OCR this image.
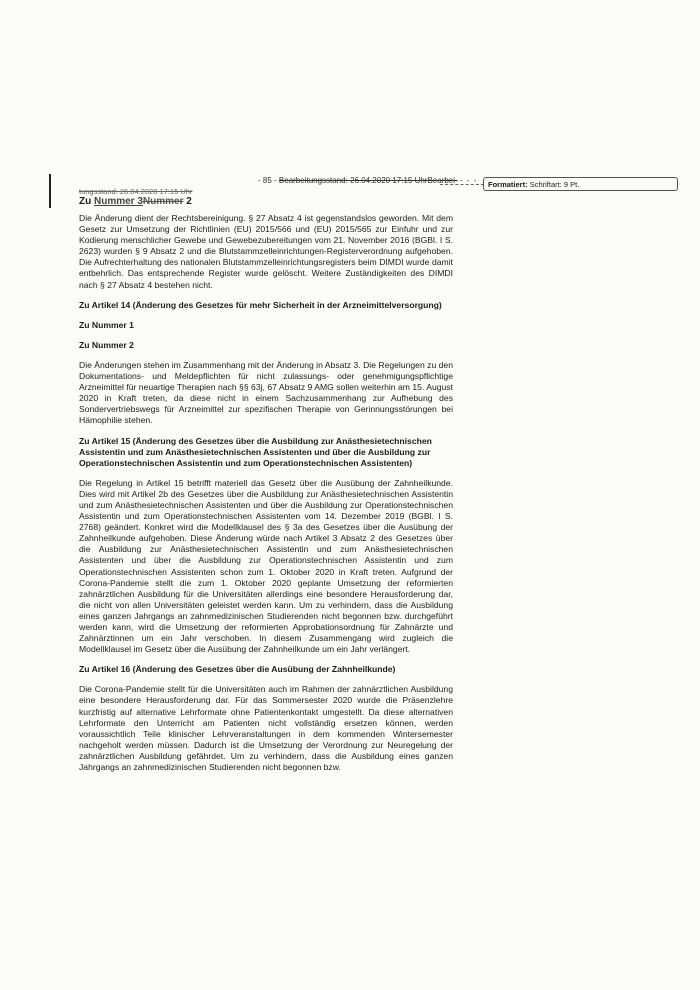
- 85 - Bearbeitungsstand: 26.04.2020 17:15 UhrBearbei- - - -	Formatiert: Schriftart: 9 Pt.
tungsstand: 26.04.2020 17:15 Uhr
Zu Nummer 3Nummer 2

Die Änderung dient der Rechtsbereinigung. § 27 Absatz 4 ist gegenstandslos geworden. Mit dem Gesetz zur Umsetzung der Richtlinien (EU) 2015/566 und (EU) 2015/565 zur Einfuhr und zur Kodierung menschlicher Gewebe und Gewebezubereitungen vom 21. November 2016 (BGBl. I S. 2623) wurden § 9 Absatz 2 und die Blutstammzelleinrichtungen-Registerverordnung aufgehoben. Die Aufrechterhaltung des nationalen Blutstammzelleinrichtungsregisters beim DIMDI wurde damit entbehrlich. Das entsprechende Register wurde gelöscht. Weitere Zuständigkeiten des DIMDI nach § 27 Absatz 4 bestehen nicht.

Zu Artikel 14 (Änderung des Gesetzes für mehr Sicherheit in der Arzneimittelversorgung)
Zu Nummer 1
Zu Nummer 2

Die Änderungen stehen im Zusammenhang mit der Änderung in Absatz 3. Die Regelungen zu den Dokumentations- und Meldepflichten für nicht zulassungs- oder genehmigungspflichtige Arzneimittel für neuartige Therapien nach §§ 63j, 67 Absatz 9 AMG sollen weiterhin am 15. August 2020 in Kraft treten, da diese nicht in einem Sachzusammenhang zur Aufhebung des Sondervertriebswegs für Arzneimittel zur spezifischen Therapie von Gerinnungsstörungen bei Hämophilie stehen.

Zu Artikel 15 (Änderung des Gesetzes über die Ausbildung zur Anästhesietechnischen Assistentin und zum Anästhesietechnischen Assistenten und über die Ausbildung zur Operationstechnischen Assistentin und zum Operationstechnischen Assistenten)

Die Regelung in Artikel 15 betrifft materiell das Gesetz über die Ausübung der Zahnheilkunde. Dies wird mit Artikel 2b des Gesetzes über die Ausbildung zur Anästhesietechnischen Assistentin und zum Anästhesietechnischen Assistenten und über die Ausbildung zur Operationstechnischen Assistentin und zum Operationstechnischen Assistenten vom 14. Dezember 2019 (BGBl. I S. 2768) geändert. Konkret wird die Modellklausel des § 3a des Gesetzes über die Ausübung der Zahnheilkunde aufgehoben. Diese Änderung würde nach Artikel 3 Absatz 2 des Gesetzes über die Ausbildung zur Anästhesietechnischen Assistentin und zum Anästhesietechnischen Assistenten und über die Ausbildung zur Operationstechnischen Assistentin und zum Operationstechnischen Assistenten schon zum 1. Oktober 2020 in Kraft treten. Aufgrund der Corona-Pandemie stellt die zum 1. Oktober 2020 geplante Umsetzung der reformierten zahnärztlichen Ausbildung für die Universitäten allerdings eine besondere Herausforderung dar, die nicht von allen Universitäten geleistet werden kann. Um zu verhindern, dass die Ausbildung eines ganzen Jahrgangs an zahnmedizinischen Studierenden nicht begonnen bzw. durchgeführt werden kann, wird die Umsetzung der reformierten Approbationsordnung für Zahnärzte und Zahnärztinnen um ein Jahr verschoben. In diesem Zusammengang wird zugleich die Modellklausel im Gesetz über die Ausübung der Zahnheilkunde um ein Jahr verlängert.

Zu Artikel 16 (Änderung des Gesetzes über die Ausübung der Zahnheilkunde)

Die Corona-Pandemie stellt für die Universitäten auch im Rahmen der zahnärztlichen Ausbildung eine besondere Herausforderung dar. Für das Sommersester 2020 wurde die Präsenzlehre kurzfristig auf alternative Lehrformate ohne Patientenkontakt umgestellt. Da diese alternativen Lehrformate den Unterricht am Patienten nicht vollständig ersetzen können, werden voraussichtlich Teile klinischer Lehrveranstaltungen in dem kommenden Wintersemester nachgeholt werden müssen. Dadurch ist die Umsetzung der Verordnung zur Neuregelung der zahnärztlichen Ausbildung gefährdet. Um zu verhindern, dass die Ausbildung eines ganzen Jahrgangs an zahnmedizinischen Studierenden nicht begonnen bzw.
